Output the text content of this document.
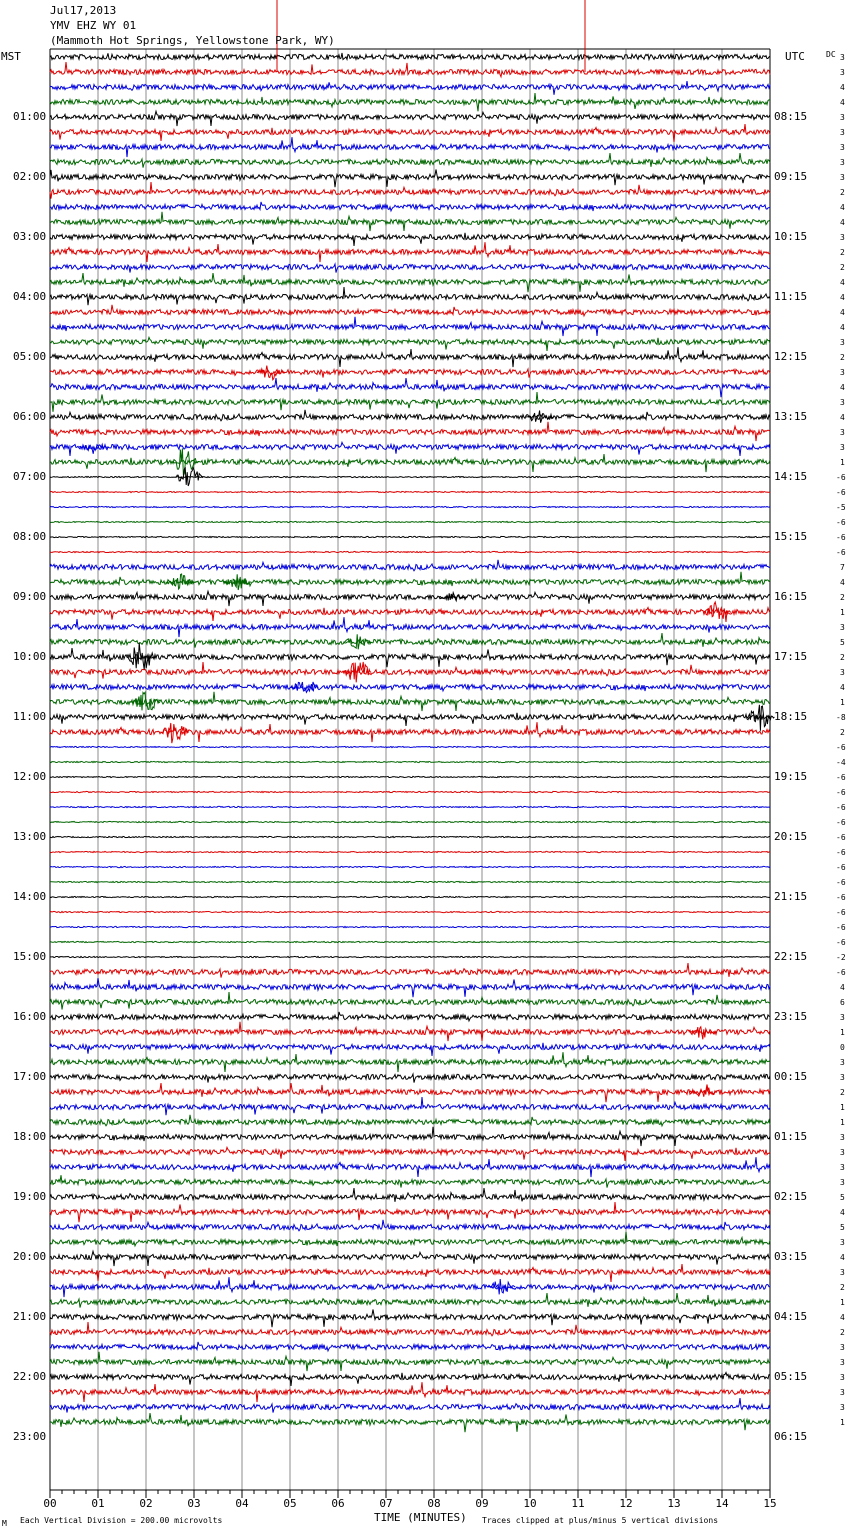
00	01	02	03	04	05	06	07	08	09	10	11	12	13	14	15
Jul17,2013
YMV EHZ WY 01
(Mammoth Hot Springs, Yellowstone Park, WY)
MST	UTC	DC
01:00
02:00
03:00
04:00
05:00
06:00
07:00
08:00
09:00
10:00
11:00
12:00
13:00
14:00
15:00
16:00
17:00
18:00
19:00
20:00
21:00
22:00
23:00
08:15
09:15
10:15
11:15
12:15
13:15
14:15
15:15
16:15
17:15
18:15
19:15
20:15
21:15
22:15
23:15
00:15
01:15
02:15
03:15
04:15
05:15
06:15
3
3
4
4
3
3
3
3
3
2
4
4
3
2
2
4
4
4
4
3
2
3
4
3
4
3
3
1
-6
-6
-5
-6
-6
-6
7
4
2
1
3
5
2
3
4
1
-8
2
-6
-4
-6
-6
-6
-6
-6
-6
-6
-6
-6
-6
-6
-6
-2
-6
4
6
3
1
0
3
3
2
1
1
3
3
3
3
5
4
5
3
4
3
2
1
4
2
3
3
3
3
3
1
TIME (MINUTES)
Each Vertical Division = 200.00 microvolts	Traces clipped at plus/minus 5 vertical divisions
M
